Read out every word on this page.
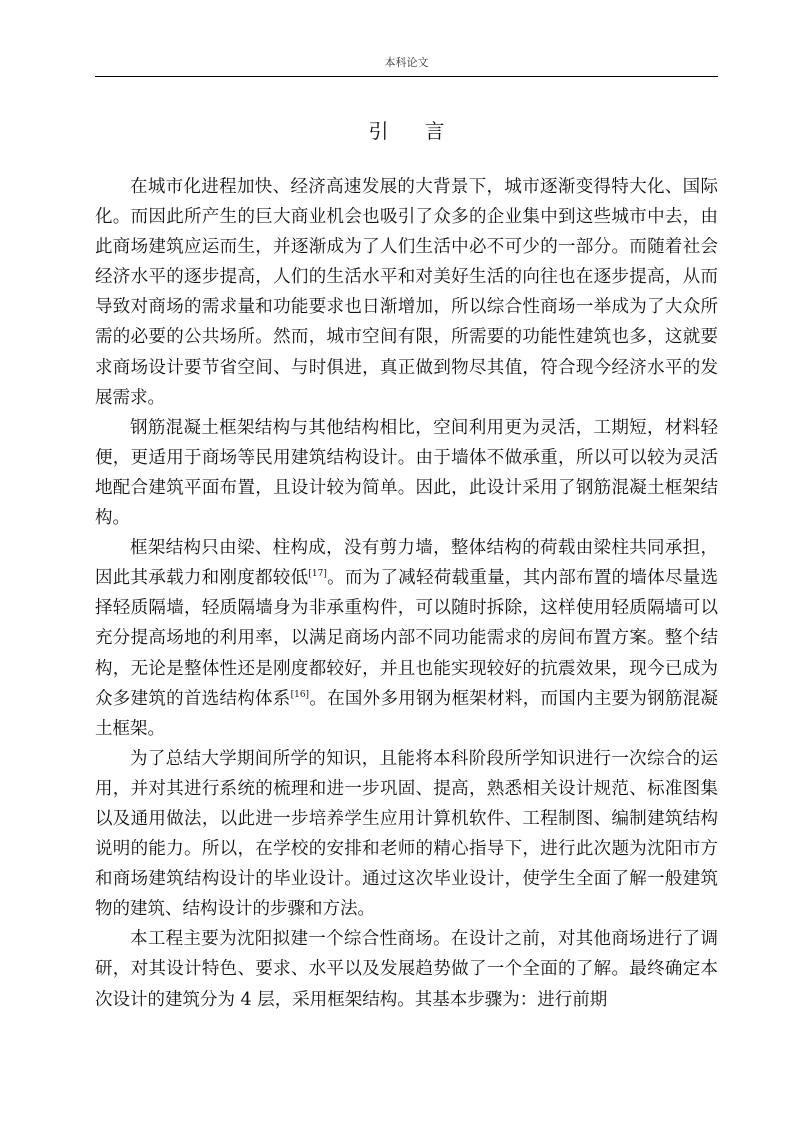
本科论文
引 言

在城市化进程加快、经济高速发展的大背景下，城市逐渐变得特大化、国际化。而因此所产生的巨大商业机会也吸引了众多的企业集中到这些城市中去，由此商场建筑应运而生，并逐渐成为了人们生活中必不可少的一部分。而随着社会经济水平的逐步提高，人们的生活水平和对美好生活的向往也在逐步提高，从而导致对商场的需求量和功能要求也日渐增加，所以综合性商场一举成为了大众所需的必要的公共场所。然而，城市空间有限，所需要的功能性建筑也多，这就要求商场设计要节省空间、与时俱进，真正做到物尽其值，符合现今经济水平的发展需求。

钢筋混凝土框架结构与其他结构相比，空间利用更为灵活，工期短，材料轻便，更适用于商场等民用建筑结构设计。由于墙体不做承重，所以可以较为灵活地配合建筑平面布置，且设计较为简单。因此，此设计采用了钢筋混凝土框架结构。

框架结构只由梁、柱构成，没有剪力墙，整体结构的荷载由梁柱共同承担，因此其承载力和刚度都较低[17]。而为了减轻荷载重量，其内部布置的墙体尽量选择轻质隔墙，轻质隔墙身为非承重构件，可以随时拆除，这样使用轻质隔墙可以充分提高场地的利用率，以满足商场内部不同功能需求的房间布置方案。整个结构，无论是整体性还是刚度都较好，并且也能实现较好的抗震效果，现今已成为众多建筑的首选结构体系[16]。在国外多用钢为框架材料，而国内主要为钢筋混凝土框架。

为了总结大学期间所学的知识，且能将本科阶段所学知识进行一次综合的运用，并对其进行系统的梳理和进一步巩固、提高，熟悉相关设计规范、标准图集以及通用做法，以此进一步培养学生应用计算机软件、工程制图、编制建筑结构说明的能力。所以，在学校的安排和老师的精心指导下，进行此次题为沈阳市方和商场建筑结构设计的毕业设计。通过这次毕业设计，使学生全面了解一般建筑物的建筑、结构设计的步骤和方法。

本工程主要为沈阳拟建一个综合性商场。在设计之前，对其他商场进行了调研，对其设计特色、要求、水平以及发展趋势做了一个全面的了解。最终确定本次设计的建筑分为 4 层，采用框架结构。其基本步骤为：进行前期
